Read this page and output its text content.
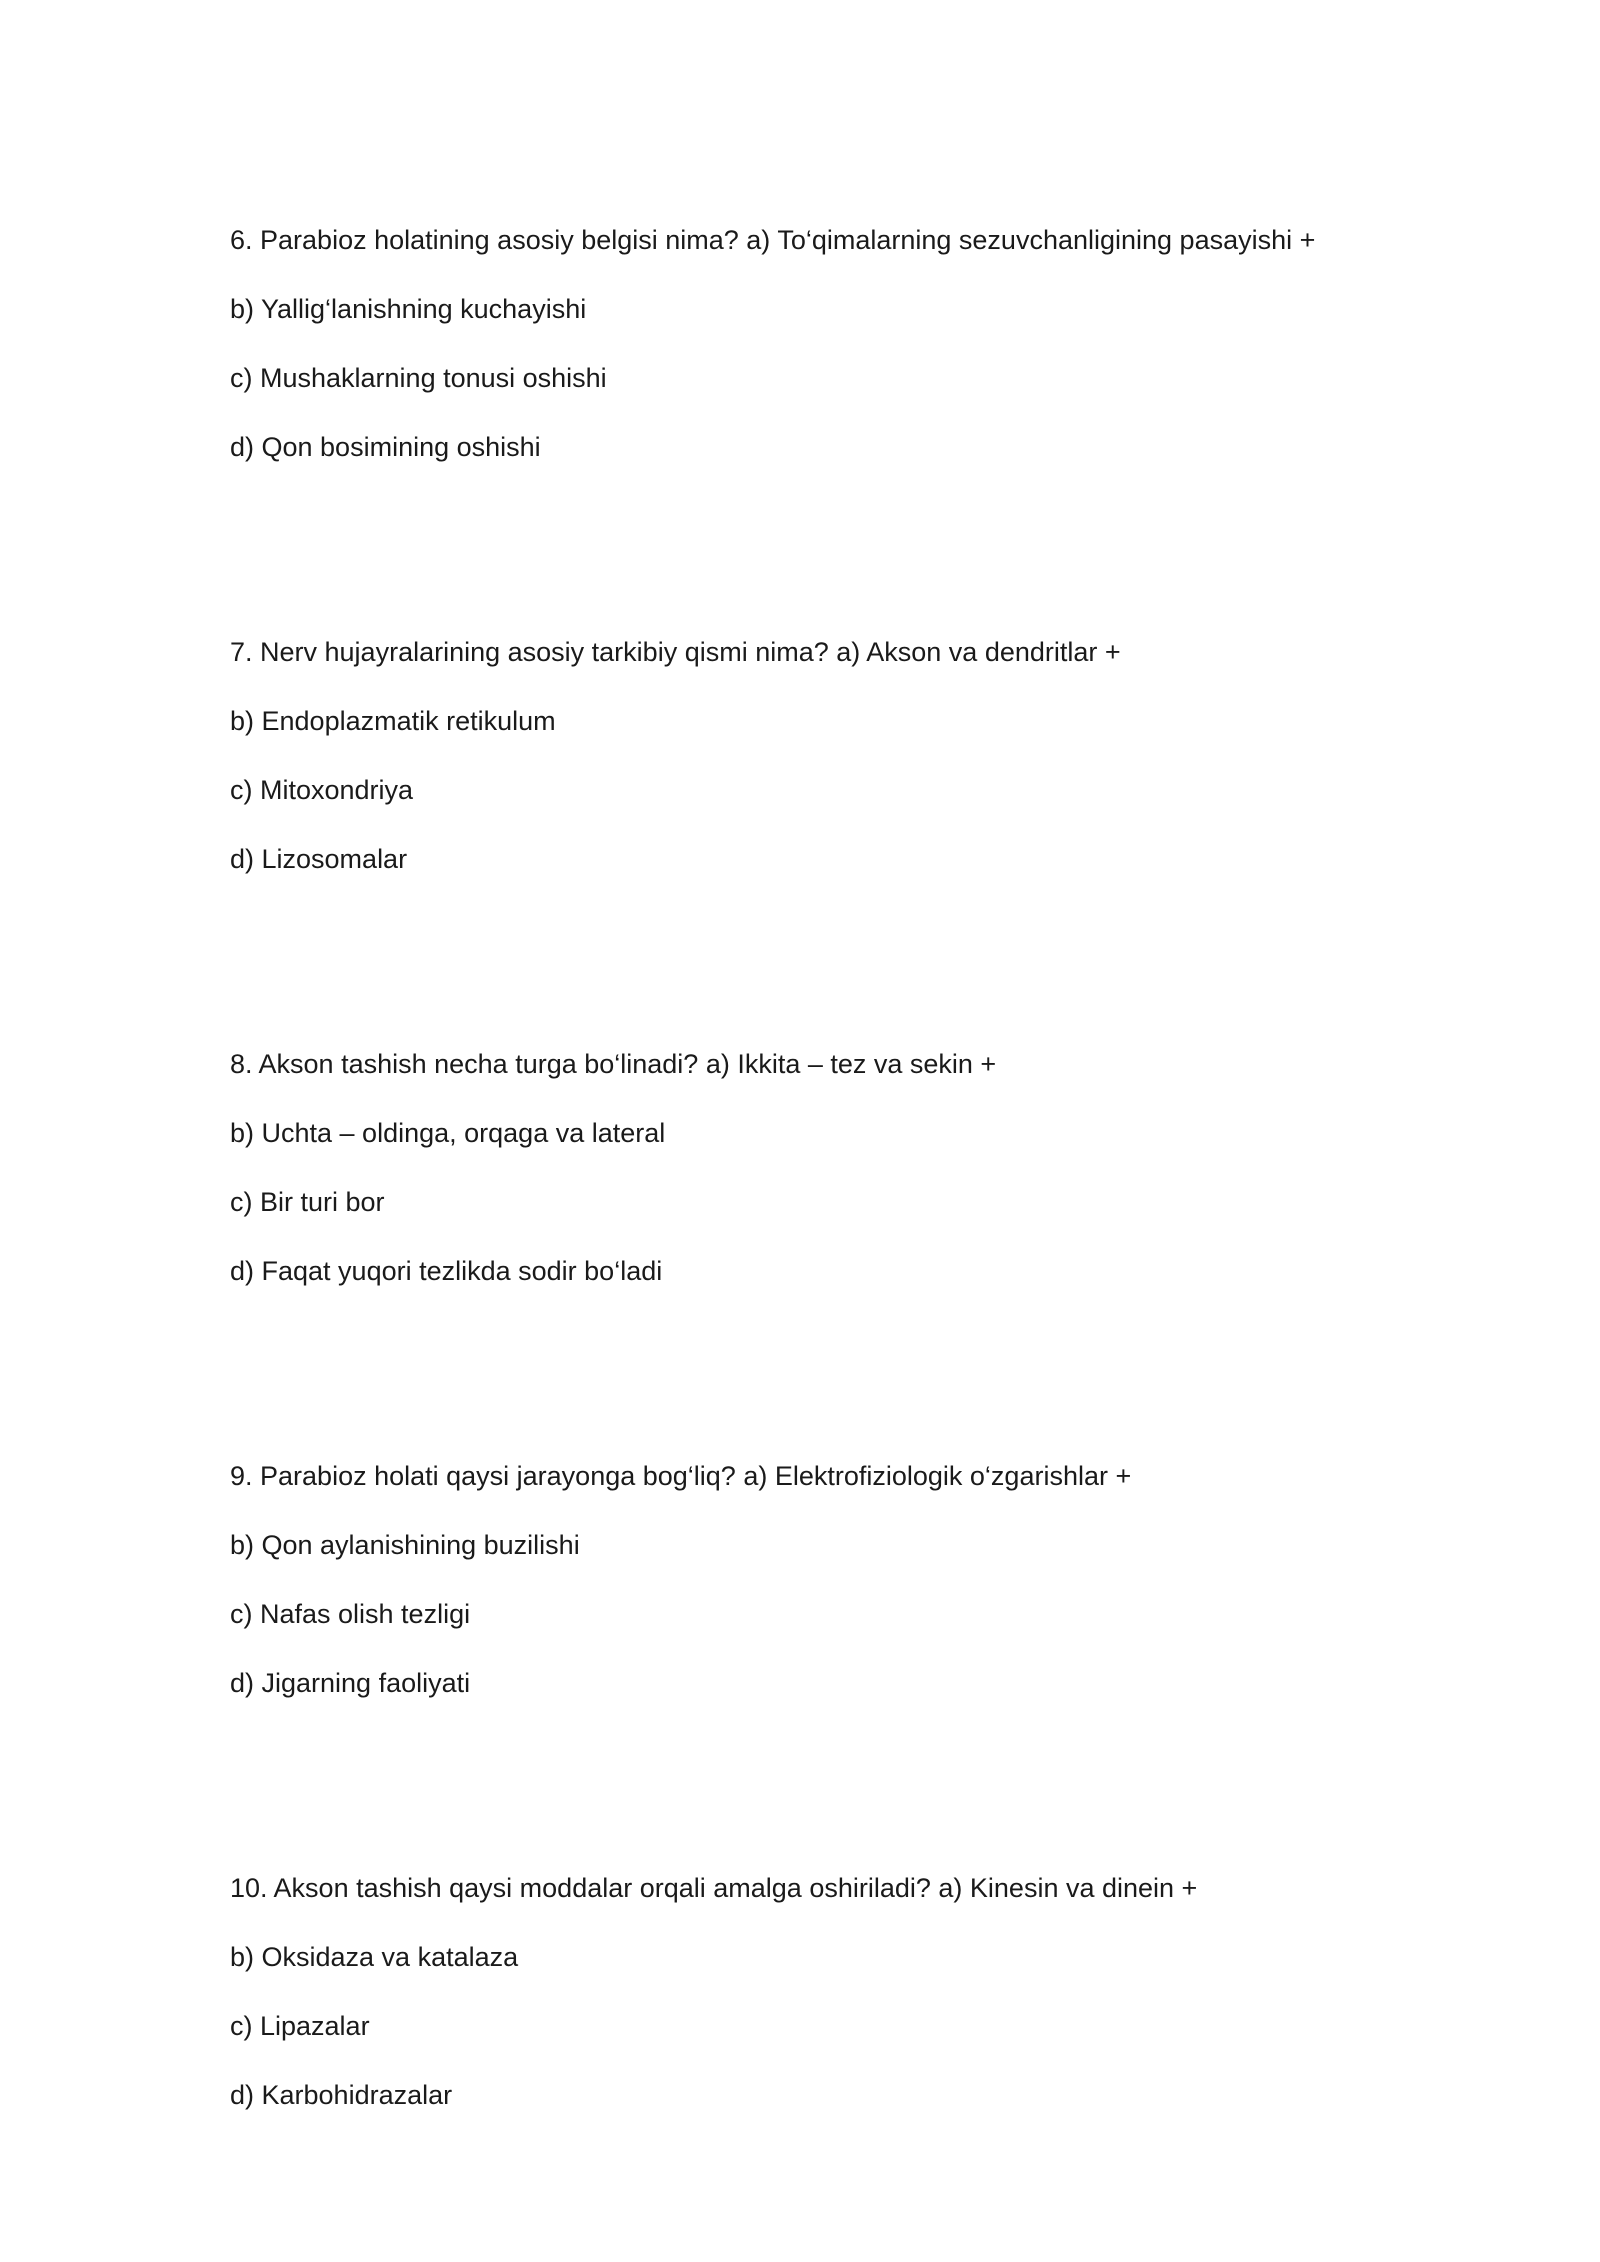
6. Parabioz holatining asosiy belgisi nima? a) To‘qimalarning sezuvchanligining pasayishi +
b) Yallig‘lanishning kuchayishi
c) Mushaklarning tonusi oshishi
d) Qon bosimining oshishi
7. Nerv hujayralarining asosiy tarkibiy qismi nima? a) Akson va dendritlar +
b) Endoplazmatik retikulum
c) Mitoxondriya
d) Lizosomalar
8. Akson tashish necha turga bo‘linadi? a) Ikkita – tez va sekin +
b) Uchta – oldinga, orqaga va lateral
c) Bir turi bor
d) Faqat yuqori tezlikda sodir bo‘ladi
9. Parabioz holati qaysi jarayonga bog‘liq? a) Elektrofiziologik o‘zgarishlar +
b) Qon aylanishining buzilishi
c) Nafas olish tezligi
d) Jigarning faoliyati
10. Akson tashish qaysi moddalar orqali amalga oshiriladi? a) Kinesin va dinein +
b) Oksidaza va katalaza
c) Lipazalar
d) Karbohidrazalar
